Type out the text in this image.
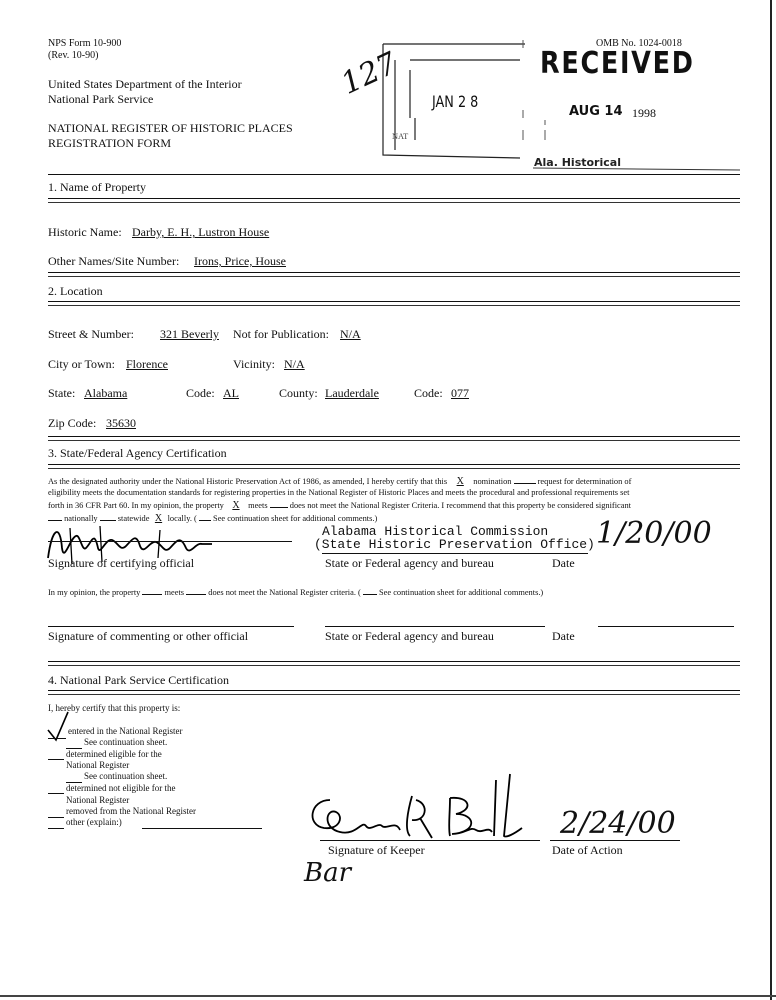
NPS Form 10-900
(Rev. 10-90)
OMB No. 1024-0018
United States Department of the Interior
National Park Service
NATIONAL REGISTER OF HISTORIC PLACES
REGISTRATION FORM
RECEIVED
JAN 2 8
AUG 14 1998
Ala. Historical
NAT
127
1. Name of Property
Historic Name: Darby, E. H., Lustron House
Other Names/Site Number: Irons, Price, House
2. Location
Street & Number: 321 Beverly Not for Publication: N/A
City or Town: Florence	Vicinity: N/A
State: Alabama	Code: AL	County: Lauderdale	Code: 077
Zip Code: 35630
3. State/Federal Agency Certification
As the designated authority under the National Historic Preservation Act of 1986, as amended, I hereby certify that this X nomination	request for determination of
eligibility meets the documentation standards for registering properties in the National Register of Historic Places and meets the procedural and professional requirements set
forth in 36 CFR Part 60. In my opinion, the property X meets	does not meet the National Register Criteria. I recommend that this property be considered significant
nationally statewide X locally. ( See continuation sheet for additional comments.)
Alabama Historical Commission
(State Historic Preservation Office) 1/20/00
Signature of certifying official	State or Federal agency and bureau	Date
In my opinion, the property	meets	does not meet the National Register criteria. ( See continuation sheet for additional comments.)
Signature of commenting or other official	State or Federal agency and bureau	Date
4. National Park Service Certification
I, hereby certify that this property is:
entered in the National Register
See continuation sheet.
determined eligible for the
National Register
See continuation sheet.
determined not eligible for the
National Register
removed from the National Register
other (explain:)
Signature of Keeper
2/24/00
Date of Action
Bar
